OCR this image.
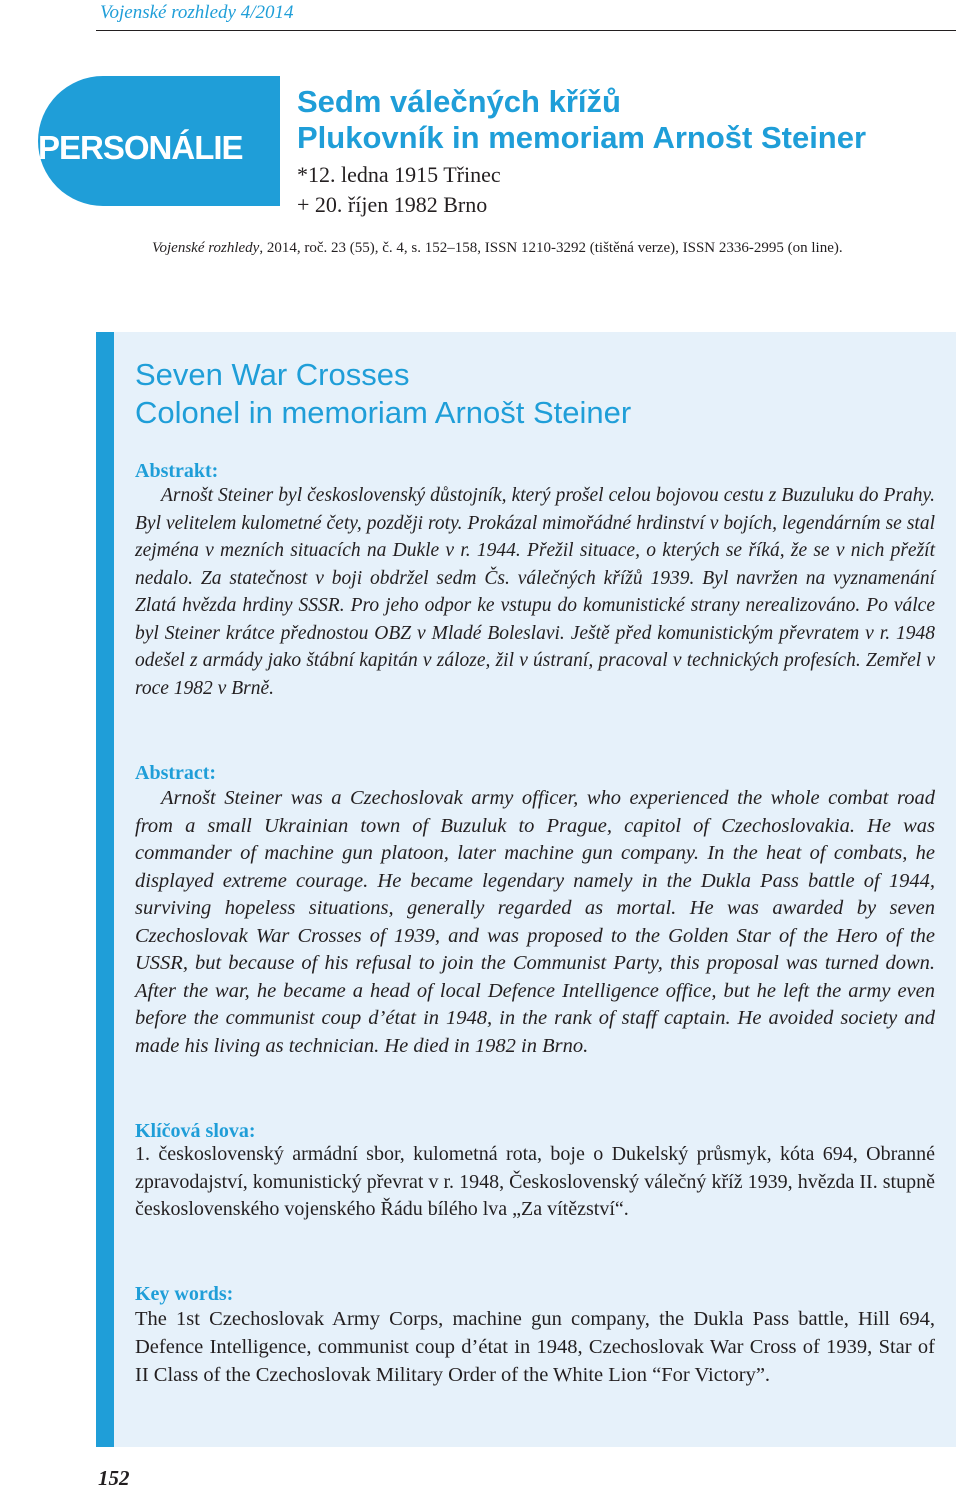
Vojenské rozhledy 4/2014
PERSONÁLIE
Sedm válečných křížů
Plukovník in memoriam Arnošt Steiner
*12. ledna 1915 Třinec
+ 20. říjen 1982 Brno
Vojenské rozhledy, 2014, roč. 23 (55), č. 4, s. 152–158, ISSN 1210-3292 (tištěná verze), ISSN 2336-2995 (on line).
Seven War Crosses
Colonel in memoriam Arnošt Steiner
Abstrakt:

Arnošt Steiner byl československý důstojník, který prošel celou bojovou cestu z Buzuluku do Prahy. Byl velitelem kulometné čety, později roty. Prokázal mimořádné hrdinství v bojích, legendárním se stal zejména v mezních situacích na Dukle v r. 1944. Přežil situace, o kterých se říká, že se v nich přežít nedalo. Za statečnost v boji obdržel sedm Čs. válečných křížů 1939. Byl navržen na vyznamenání Zlatá hvězda hrdiny SSSR. Pro jeho odpor ke vstupu do komunistické strany nerealizováno. Po válce byl Steiner krátce přednostou OBZ v Mladé Boleslavi. Ještě před komunistickým převratem v r. 1948 odešel z armády jako štábní kapitán v záloze, žil v ústraní, pracoval v technických profesích. Zemřel v roce 1982 v Brně.

Abstract:

Arnošt Steiner was a Czechoslovak army officer, who experienced the whole combat road from a small Ukrainian town of Buzuluk to Prague, capitol of Czechoslovakia. He was commander of machine gun platoon, later machine gun company. In the heat of combats, he displayed extreme courage. He became legendary namely in the Dukla Pass battle of 1944, surviving hopeless situations, generally regarded as mortal. He was awarded by seven Czechoslovak War Crosses of 1939, and was proposed to the Golden Star of the Hero of the USSR, but because of his refusal to join the Communist Party, this proposal was turned down. After the war, he became a head of local Defence Intelligence office, but he left the army even before the communist coup d’état in 1948, in the rank of staff captain. He avoided society and made his living as technician. He died in 1982 in Brno.

Klíčová slova:

1. československý armádní sbor, kulometná rota, boje o Dukelský průsmyk, kóta 694, Obranné zpravodajství, komunistický převrat v r. 1948, Československý válečný kříž 1939, hvězda II. stupně československého vojenského Řádu bílého lva „Za vítězství“.

Key words:

The 1st Czechoslovak Army Corps, machine gun company, the Dukla Pass battle, Hill 694, Defence Intelligence, communist coup d’état in 1948, Czechoslovak War Cross of 1939, Star of II Class of the Czechoslovak Military Order of the White Lion “For Victory”.

152
